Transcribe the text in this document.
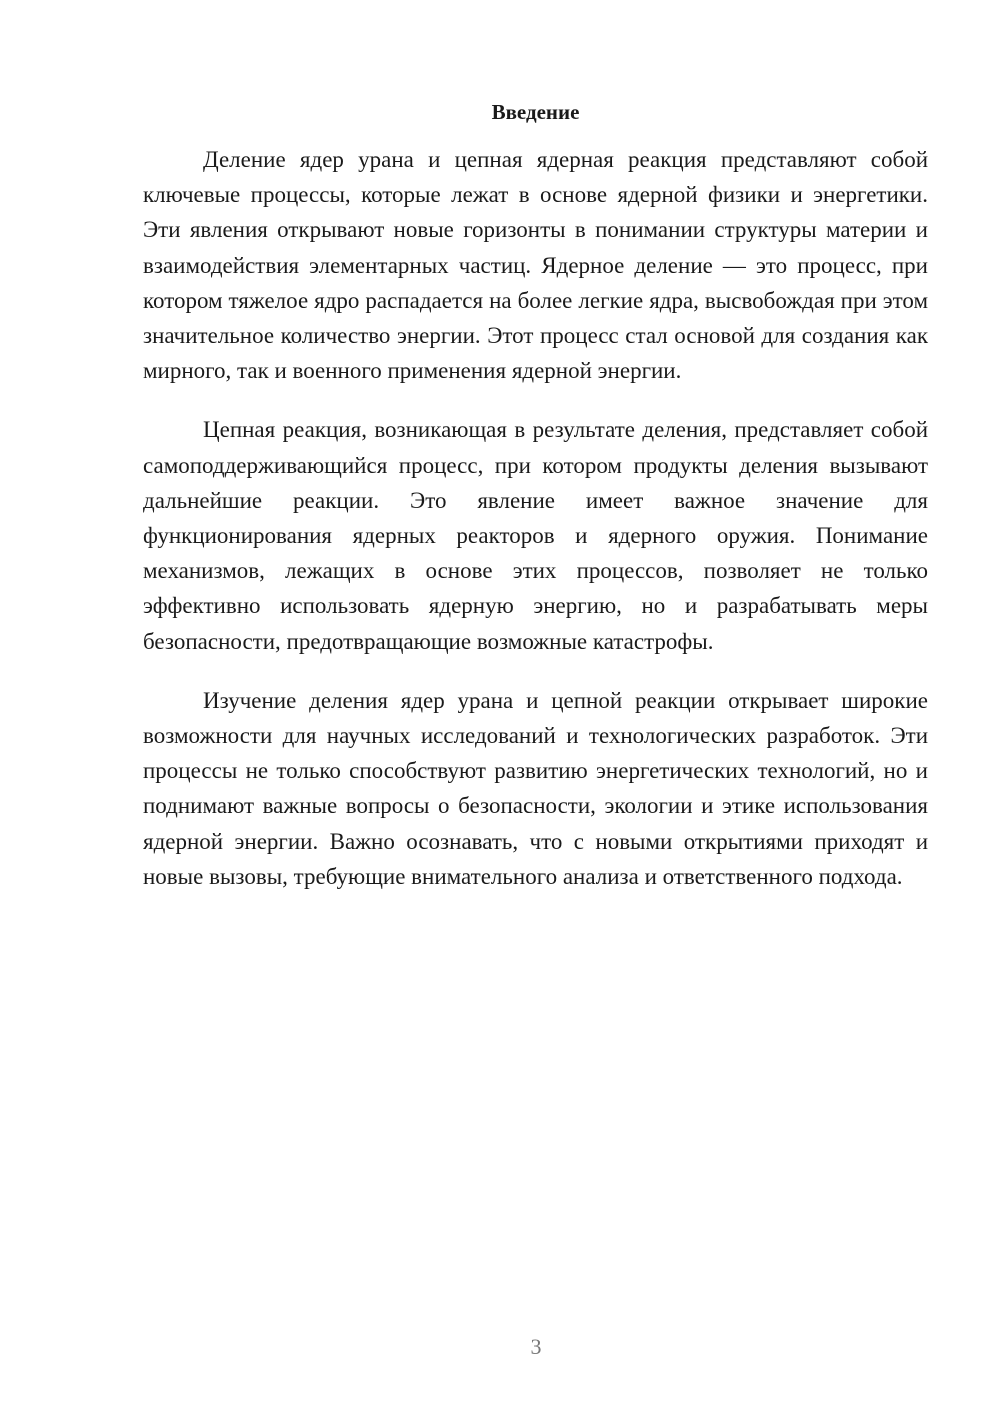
Введение

Деление ядер урана и цепная ядерная реакция представляют собой ключевые процессы, которые лежат в основе ядерной физики и энергетики. Эти явления открывают новые горизонты в понимании структуры материи и взаимодействия элементарных частиц. Ядерное деление — это процесс, при котором тяжелое ядро распадается на более легкие ядра, высвобождая при этом значительное количество энергии. Этот процесс стал основой для создания как мирного, так и военного применения ядерной энергии.

Цепная реакция, возникающая в результате деления, представляет собой самоподдерживающийся процесс, при котором продукты деления вызывают дальнейшие реакции. Это явление имеет важное значение для функционирования ядерных реакторов и ядерного оружия. Понимание механизмов, лежащих в основе этих процессов, позволяет не только эффективно использовать ядерную энергию, но и разрабатывать меры безопасности, предотвращающие возможные катастрофы.

Изучение деления ядер урана и цепной реакции открывает широкие возможности для научных исследований и технологических разработок. Эти процессы не только способствуют развитию энергетических технологий, но и поднимают важные вопросы о безопасности, экологии и этике использования ядерной энергии. Важно осознавать, что с новыми открытиями приходят и новые вызовы, требующие внимательного анализа и ответственного подхода.

3
